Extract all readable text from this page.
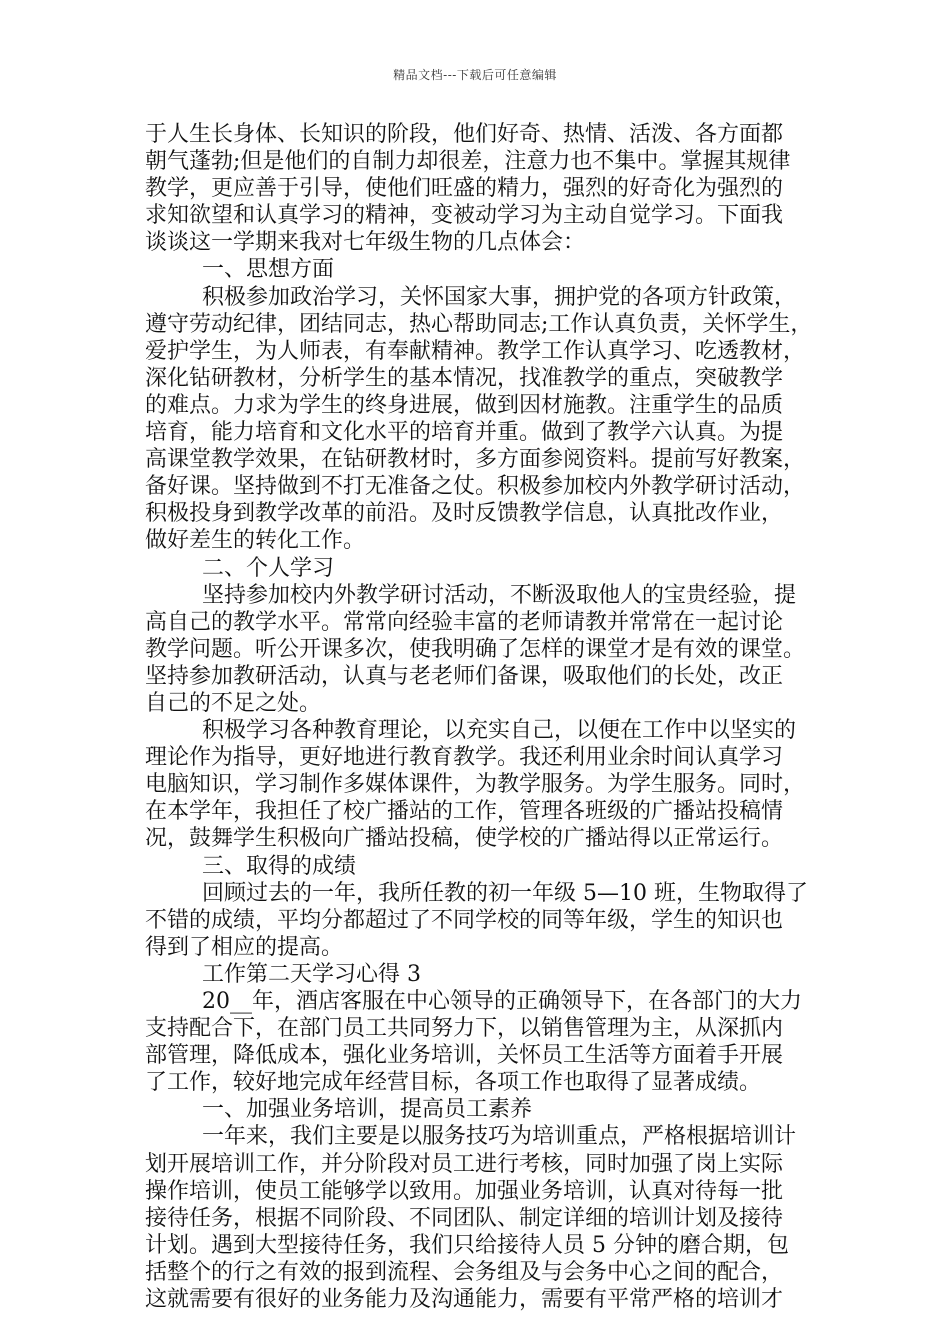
精品文档---下载后可任意编辑
于人生长身体、长知识的阶段，他们好奇、热情、活泼、各方面都
朝气蓬勃;但是他们的自制力却很差，注意力也不集中。掌握其规律
教学，更应善于引导，使他们旺盛的精力，强烈的好奇化为强烈的
求知欲望和认真学习的精神，变被动学习为主动自觉学习。下面我
谈谈这一学期来我对七年级生物的几点体会：
一、思想方面
积极参加政治学习，关怀国家大事，拥护党的各项方针政策，
遵守劳动纪律，团结同志，热心帮助同志;工作认真负责，关怀学生，
爱护学生，为人师表，有奉献精神。教学工作认真学习、吃透教材，
深化钻研教材，分析学生的基本情况，找准教学的重点，突破教学
的难点。力求为学生的终身进展，做到因材施教。注重学生的品质
培育，能力培育和文化水平的培育并重。做到了教学六认真。为提
高课堂教学效果，在钻研教材时，多方面参阅资料。提前写好教案，
备好课。坚持做到不打无准备之仗。积极参加校内外教学研讨活动，
积极投身到教学改革的前沿。及时反馈教学信息，认真批改作业，
做好差生的转化工作。
二、个人学习
坚持参加校内外教学研讨活动，不断汲取他人的宝贵经验，提
高自己的教学水平。常常向经验丰富的老师请教并常常在一起讨论
教学问题。听公开课多次，使我明确了怎样的课堂才是有效的课堂。
坚持参加教研活动，认真与老老师们备课，吸取他们的长处，改正
自己的不足之处。
积极学习各种教育理论，以充实自己，以便在工作中以坚实的
理论作为指导，更好地进行教育教学。我还利用业余时间认真学习
电脑知识，学习制作多媒体课件，为教学服务。为学生服务。同时，
在本学年，我担任了校广播站的工作，管理各班级的广播站投稿情
况，鼓舞学生积极向广播站投稿，使学校的广播站得以正常运行。
三、取得的成绩
回顾过去的一年，我所任教的初一年级 5—10 班，生物取得了
不错的成绩，平均分都超过了不同学校的同等年级，学生的知识也
得到了相应的提高。
工作第二天学习心得 3
20__年，酒店客服在中心领导的正确领导下，在各部门的大力
支持配合下，在部门员工共同努力下，以销售管理为主，从深抓内
部管理，降低成本，强化业务培训，关怀员工生活等方面着手开展
了工作，较好地完成年经营目标，各项工作也取得了显著成绩。
一、加强业务培训，提高员工素养
一年来，我们主要是以服务技巧为培训重点，严格根据培训计
划开展培训工作，并分阶段对员工进行考核，同时加强了岗上实际
操作培训，使员工能够学以致用。加强业务培训，认真对待每一批
接待任务，根据不同阶段、不同团队、制定详细的培训计划及接待
计划。遇到大型接待任务，我们只给接待人员 5 分钟的磨合期，包
括整个的行之有效的报到流程、会务组及与会务中心之间的配合，
这就需要有很好的业务能力及沟通能力，需要有平常严格的培训才
